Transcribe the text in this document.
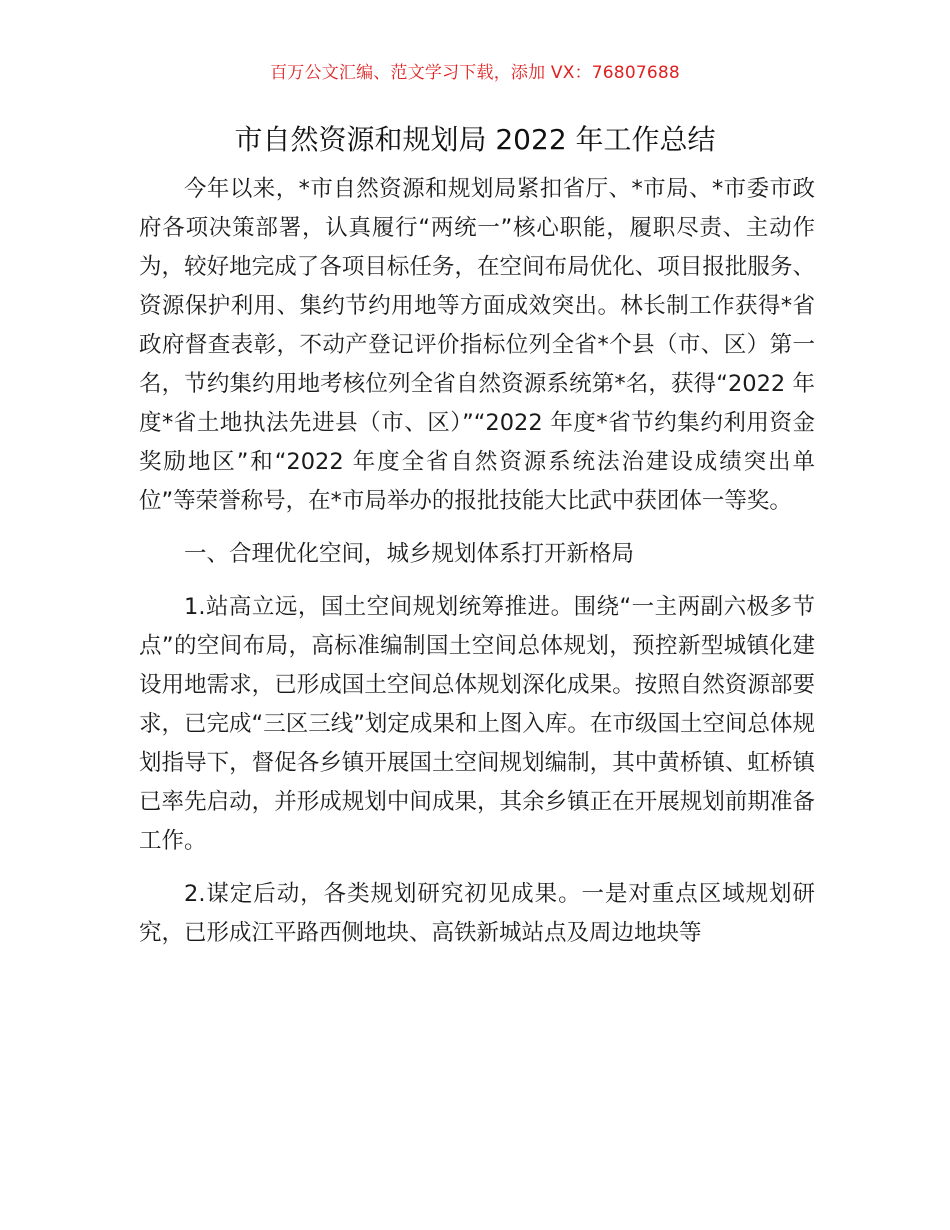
百万公文汇编、范文学习下载，添加 VX：76807688
市自然资源和规划局 2022 年工作总结

今年以来，*市自然资源和规划局紧扣省厅、*市局、*市委市政府各项决策部署，认真履行“两统一”核心职能，履职尽责、主动作为，较好地完成了各项目标任务，在空间布局优化、项目报批服务、资源保护利用、集约节约用地等方面成效突出。林长制工作获得*省政府督查表彰，不动产登记评价指标位列全省*个县（市、区）第一名，节约集约用地考核位列全省自然资源系统第*名，获得“2022 年度*省土地执法先进县（市、区）”“2022 年度*省节约集约利用资金奖励地区”和“2022 年度全省自然资源系统法治建设成绩突出单位”等荣誉称号，在*市局举办的报批技能大比武中获团体一等奖。

一、合理优化空间，城乡规划体系打开新格局

1.站高立远，国土空间规划统筹推进。围绕“一主两副六极多节点”的空间布局，高标准编制国土空间总体规划，预控新型城镇化建设用地需求，已形成国土空间总体规划深化成果。按照自然资源部要求，已完成“三区三线”划定成果和上图入库。在市级国土空间总体规划指导下，督促各乡镇开展国土空间规划编制，其中黄桥镇、虹桥镇已率先启动，并形成规划中间成果，其余乡镇正在开展规划前期准备工作。

2.谋定后动，各类规划研究初见成果。一是对重点区域规划研究，已形成江平路西侧地块、高铁新城站点及周边地块等
